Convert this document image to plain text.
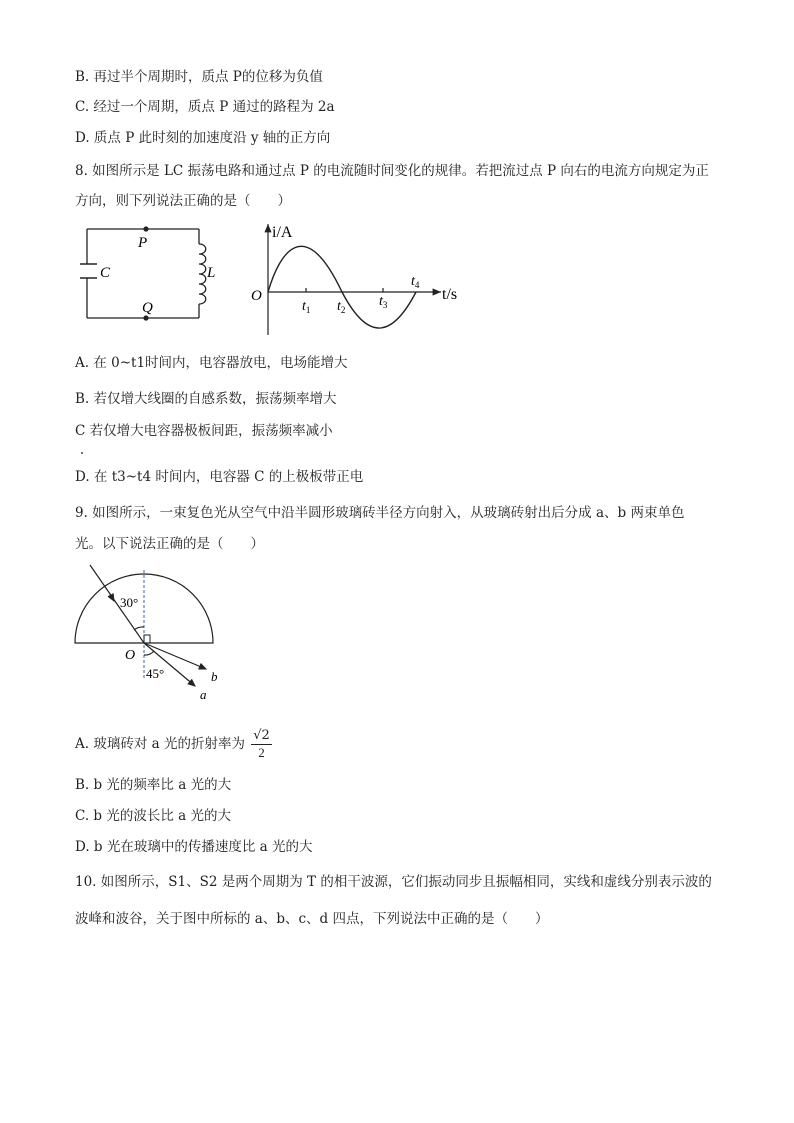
B. 再过半个周期时，质点 P的位移为负值
C. 经过一个周期，质点 P 通过的路程为 2a
D. 质点 P 此时刻的加速度沿 y 轴的正方向
8. 如图所示是 LC 振荡电路和通过点 P 的电流随时间变化的规律。若把流过点 P 向右的电流方向规定为正
方向，则下列说法正确的是（　　）
P
Q
C	L
i/A
t/s
O
$t_1$ $t_2$
$t_3$
$t_4$
A. 在 0~t1时间内，电容器放电，电场能增大
B. 若仅增大线圈的自感系数，振荡频率增大
C 若仅增大电容器极板间距，振荡频率减小
D. 在 t3~t4 时间内，电容器 C 的上极板带正电
9. 如图所示，一束复色光从空气中沿半圆形玻璃砖半径方向射入，从玻璃砖射出后分成 a、b 两束单色
光。以下说法正确的是（　　）
30°
45°
O
b
a
A. 玻璃砖对 a 光的折射率为 $\frac{√2}{2}$
B. b 光的频率比 a 光的大
C. b 光的波长比 a 光的大
D. b 光在玻璃中的传播速度比 a 光的大
10. 如图所示，S1、S2 是两个周期为 T 的相干波源，它们振动同步且振幅相同，实线和虚线分别表示波的
波峰和波谷，关于图中所标的 a、b、c、d 四点，下列说法中正确的是（　　）
